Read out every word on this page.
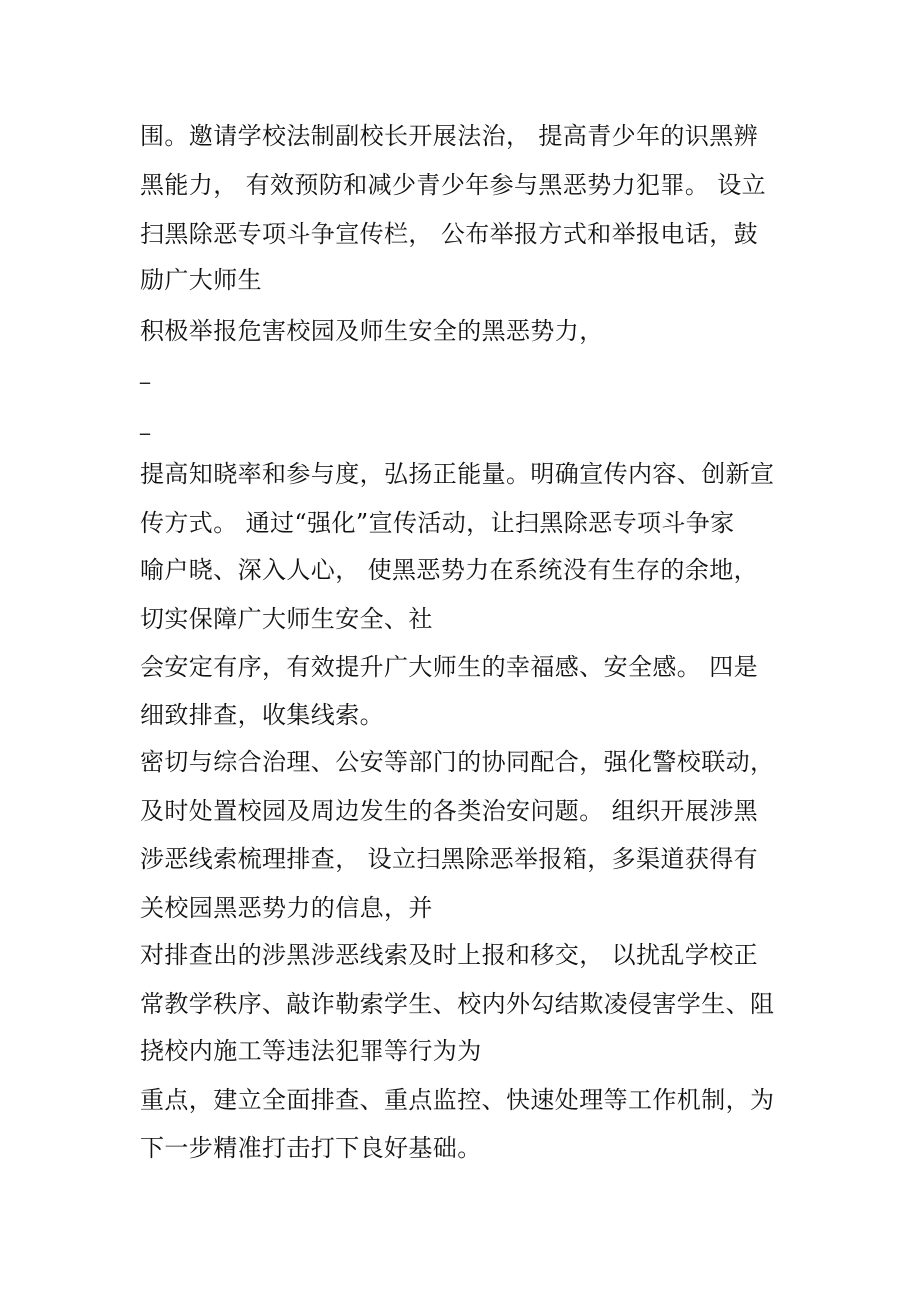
围。邀请学校法制副校长开展法治， 提高青少年的识黑辨
黑能力， 有效预防和减少青少年参与黑恶势力犯罪。 设立
扫黑除恶专项斗争宣传栏， 公布举报方式和举报电话，鼓
励广大师生
积极举报危害校园及师生安全的黑恶势力，
_
_
提高知晓率和参与度，弘扬正能量。明确宣传内容、创新宣
传方式。 通过“强化”宣传活动，让扫黑除恶专项斗争家
喻户晓、深入人心， 使黑恶势力在系统没有生存的余地，
切实保障广大师生安全、社
会安定有序，有效提升广大师生的幸福感、安全感。 四是
细致排查，收集线索。
密切与综合治理、公安等部门的协同配合，强化警校联动，
及时处置校园及周边发生的各类治安问题。 组织开展涉黑
涉恶线索梳理排查， 设立扫黑除恶举报箱，多渠道获得有
关校园黑恶势力的信息，并
对排查出的涉黑涉恶线索及时上报和移交， 以扰乱学校正
常教学秩序、敲诈勒索学生、校内外勾结欺凌侵害学生、阻
挠校内施工等违法犯罪等行为为
重点，建立全面排查、重点监控、快速处理等工作机制，为
下一步精准打击打下良好基础。
